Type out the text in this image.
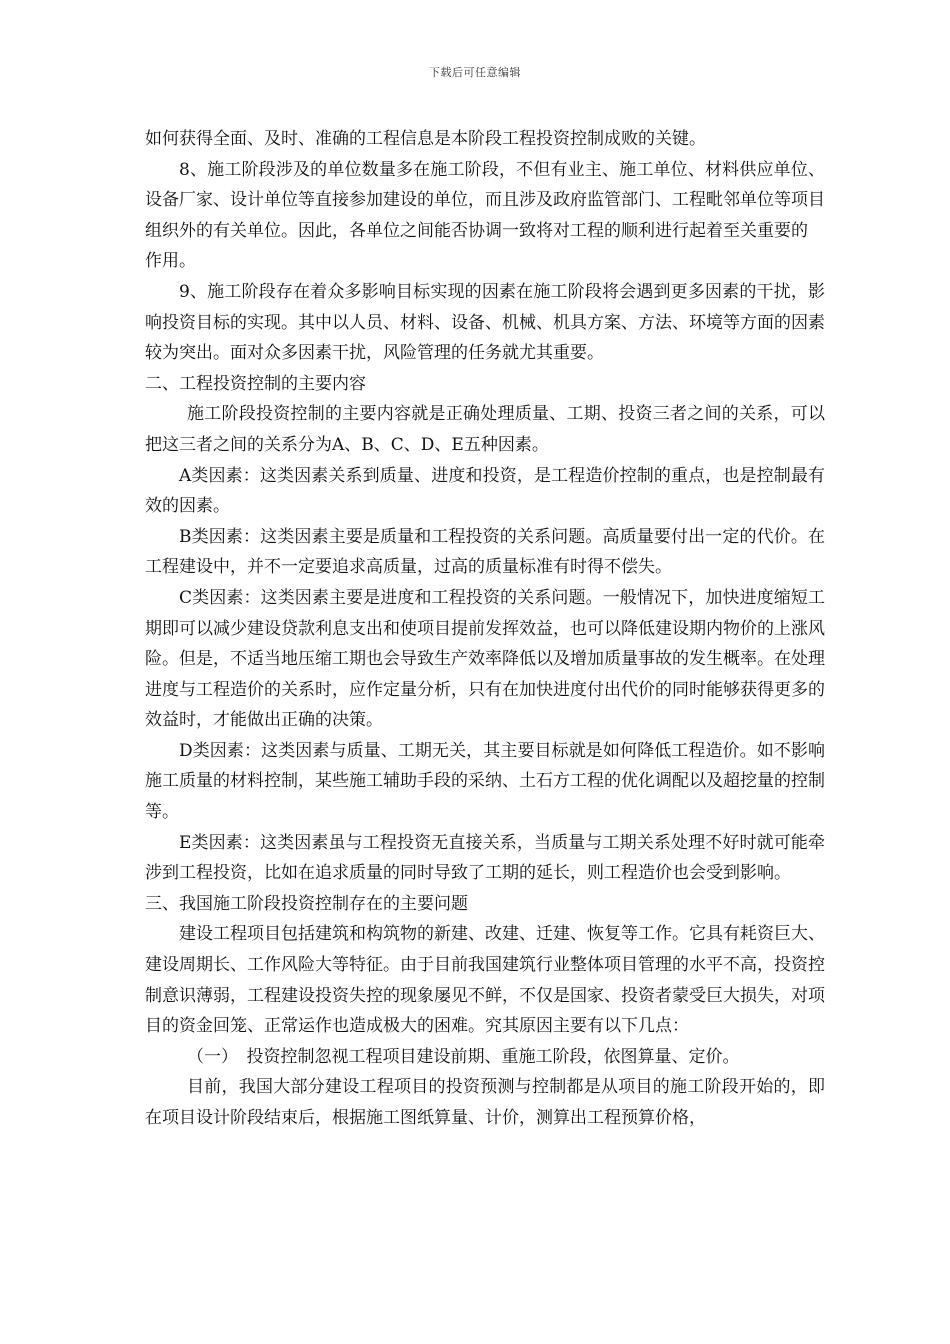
下载后可任意编辑

如何获得全面、及时、准确的工程信息是本阶段工程投资控制成败的关键。

8、施工阶段涉及的单位数量多在施工阶段，不但有业主、施工单位、材料供应单位、设备厂家、设计单位等直接参加建设的单位，而且涉及政府监管部门、工程毗邻单位等项目组织外的有关单位。因此，各单位之间能否协调一致将对工程的顺利进行起着至关重要的

作用。

9、施工阶段存在着众多影响目标实现的因素在施工阶段将会遇到更多因素的干扰，影响投资目标的实现。其中以人员、材料、设备、机械、机具方案、方法、环境等方面的因素较为突出。面对众多因素干扰，风险管理的任务就尤其重要。

二、工程投资控制的主要内容

施工阶段投资控制的主要内容就是正确处理质量、工期、投资三者之间的关系，可以把这三者之间的关系分为A、B、C、D、E五种因素。

A类因素：这类因素关系到质量、进度和投资，是工程造价控制的重点，也是控制最有效的因素。

B类因素：这类因素主要是质量和工程投资的关系问题。高质量要付出一定的代价。在工程建设中，并不一定要追求高质量，过高的质量标准有时得不偿失。

C类因素：这类因素主要是进度和工程投资的关系问题。一般情况下，加快进度缩短工期即可以减少建设贷款利息支出和使项目提前发挥效益，也可以降低建设期内物价的上涨风险。但是，不适当地压缩工期也会导致生产效率降低以及增加质量事故的发生概率。在处理进度与工程造价的关系时，应作定量分析，只有在加快进度付出代价的同时能够获得更多的效益时，才能做出正确的决策。

D类因素：这类因素与质量、工期无关，其主要目标就是如何降低工程造价。如不影响施工质量的材料控制，某些施工辅助手段的采纳、土石方工程的优化调配以及超挖量的控制等。

E类因素：这类因素虽与工程投资无直接关系，当质量与工期关系处理不好时就可能牵涉到工程投资，比如在追求质量的同时导致了工期的延长，则工程造价也会受到影响。

三、我国施工阶段投资控制存在的主要问题

建设工程项目包括建筑和构筑物的新建、改建、迁建、恢复等工作。它具有耗资巨大、建设周期长、工作风险大等特征。由于目前我国建筑行业整体项目管理的水平不高，投资控制意识薄弱，工程建设投资失控的现象屡见不鲜，不仅是国家、投资者蒙受巨大损失，对项目的资金回笼、正常运作也造成极大的困难。究其原因主要有以下几点：

（一）　投资控制忽视工程项目建设前期、重施工阶段，依图算量、定价。

目前，我国大部分建设工程项目的投资预测与控制都是从项目的施工阶段开始的，即在项目设计阶段结束后，根据施工图纸算量、计价，测算出工程预算价格，
